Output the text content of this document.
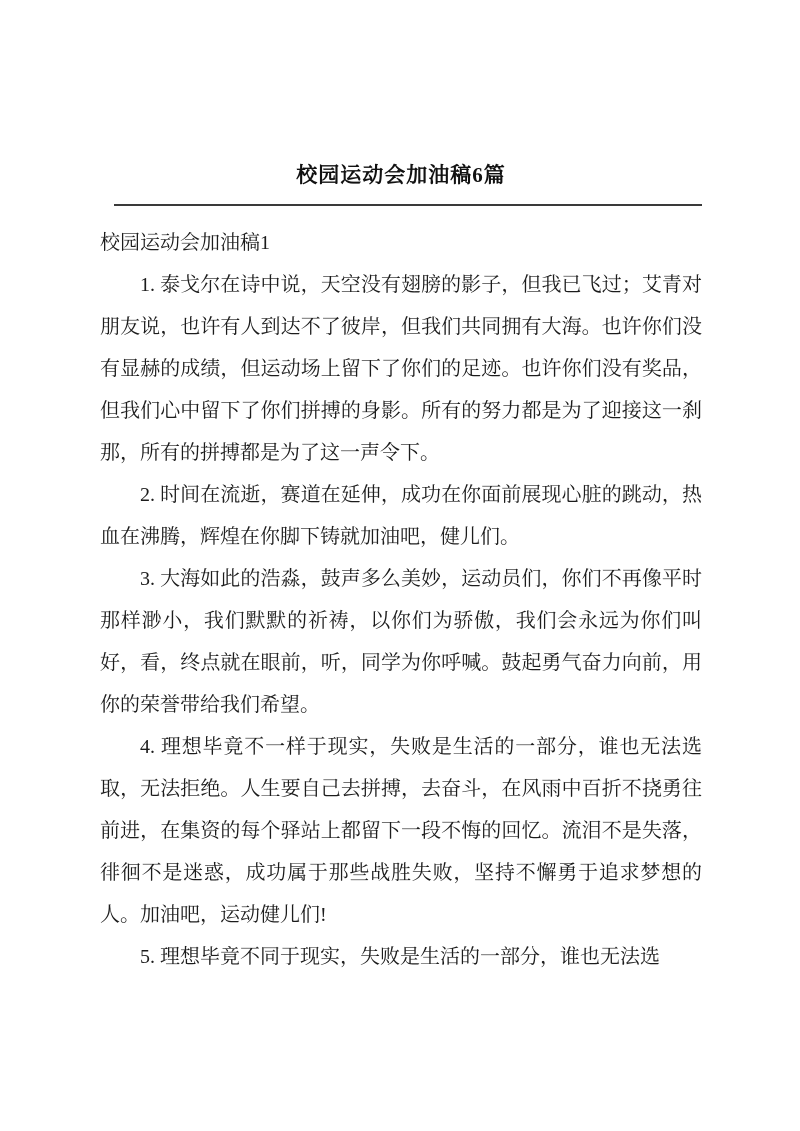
校园运动会加油稿6篇

校园运动会加油稿1

1. 泰戈尔在诗中说，天空没有翅膀的影子，但我已飞过；艾青对朋友说，也许有人到达不了彼岸，但我们共同拥有大海。也许你们没有显赫的成绩，但运动场上留下了你们的足迹。也许你们没有奖品，但我们心中留下了你们拼搏的身影。所有的努力都是为了迎接这一刹那，所有的拼搏都是为了这一声令下。

2. 时间在流逝，赛道在延伸，成功在你面前展现心脏的跳动，热血在沸腾，辉煌在你脚下铸就加油吧，健儿们。

3. 大海如此的浩淼，鼓声多么美妙，运动员们，你们不再像平时那样渺小，我们默默的祈祷，以你们为骄傲，我们会永远为你们叫好，看，终点就在眼前，听，同学为你呼喊。鼓起勇气奋力向前，用你的荣誉带给我们希望。

4. 理想毕竟不一样于现实，失败是生活的一部分，谁也无法选取，无法拒绝。人生要自己去拼搏，去奋斗，在风雨中百折不挠勇往前进，在集资的每个驿站上都留下一段不悔的回忆。流泪不是失落，徘徊不是迷惑，成功属于那些战胜失败，坚持不懈勇于追求梦想的人。加油吧，运动健儿们!

5. 理想毕竟不同于现实，失败是生活的一部分，谁也无法选
